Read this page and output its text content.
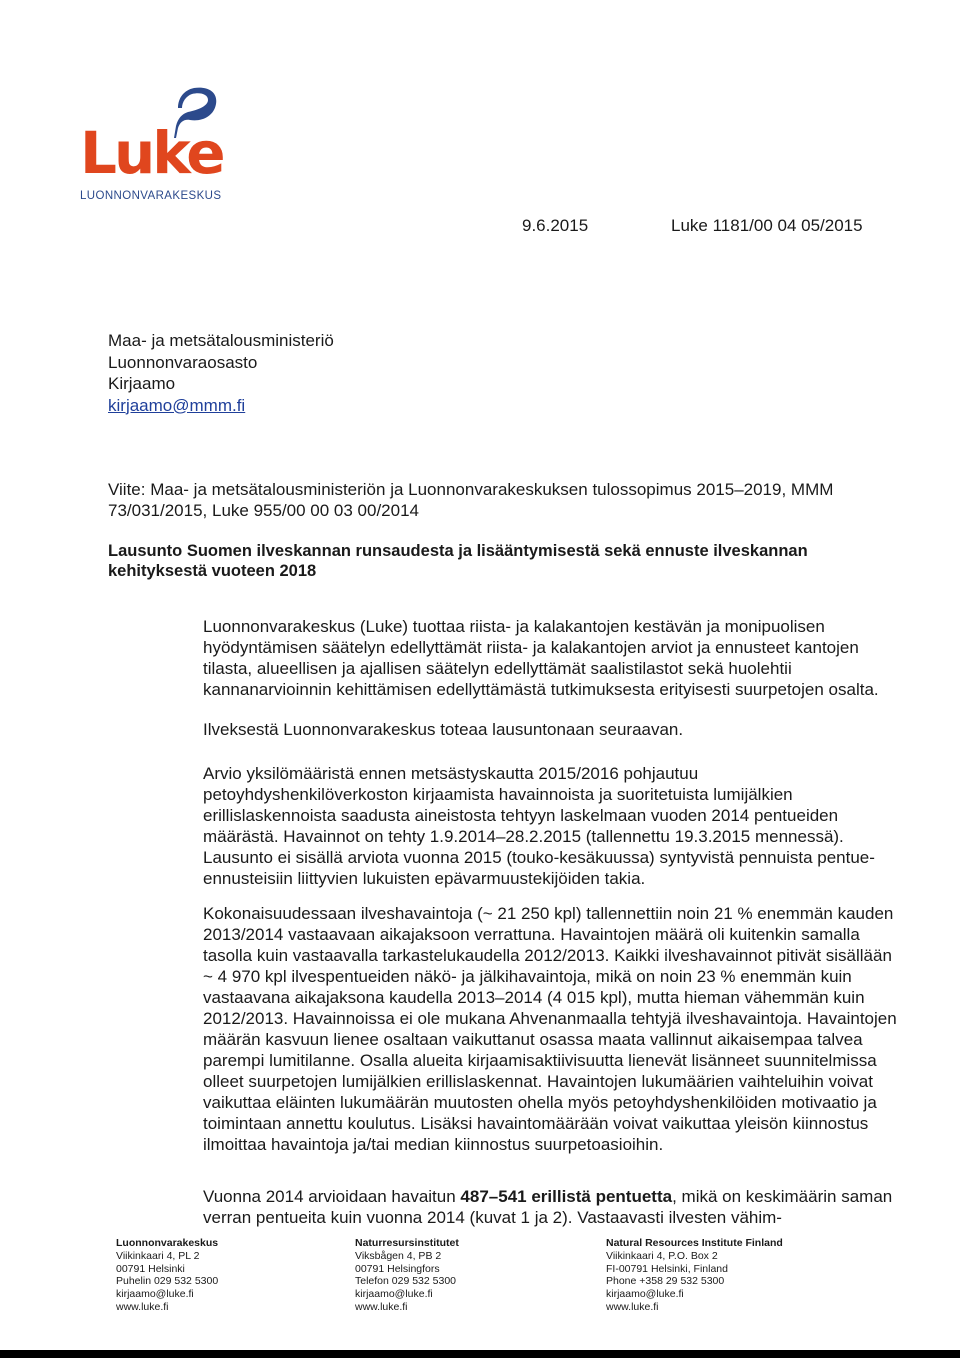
Luke
LUONNONVARAKESKUS
9.6.2015	Luke 1181/00 04 05/2015
Maa- ja metsätalousministeriö
Luonnonvaraosasto
Kirjaamo
kirjaamo@mmm.fi
Viite: Maa- ja metsätalousministeriön ja Luonnonvarakeskuksen tulossopimus 2015–2019, MMM 73/031/2015, Luke 955/00 00 03 00/2014
Lausunto Suomen ilveskannan runsaudesta ja lisääntymisestä sekä ennuste ilveskannan kehityksestä vuoteen 2018
Luonnonvarakeskus (Luke) tuottaa riista- ja kalakantojen kestävän ja monipuolisen hyödyntämisen säätelyn edellyttämät riista- ja kalakantojen arviot ja ennusteet kantojen tilasta, alueellisen ja ajallisen säätelyn edellyttämät saalistilastot sekä huolehtii kannanarvioinnin kehittämisen edellyttämästä tutkimuksesta erityisesti suurpetojen osalta.
Ilveksestä Luonnonvarakeskus toteaa lausuntonaan seuraavan.
Arvio yksilömääristä ennen metsästyskautta 2015/2016 pohjautuu petoyhdyshenkilöverkoston kirjaamista havainnoista ja suoritetuista lumijälkien erillislaskennoista saadusta aineistosta tehtyyn laskelmaan vuoden 2014 pentueiden määrästä. Havainnot on tehty 1.9.2014–28.2.2015 (tallennettu 19.3.2015 mennessä). Lausunto ei sisällä arviota vuonna 2015 (touko-kesäkuussa) syntyvistä pennuista pentue-ennusteisiin liittyvien lukuisten epävarmuustekijöiden takia.
Kokonaisuudessaan ilveshavaintoja (~ 21 250 kpl) tallennettiin noin 21 % enemmän kauden 2013/2014 vastaavaan aikajaksoon verrattuna. Havaintojen määrä oli kuitenkin samalla tasolla kuin vastaavalla tarkastelukaudella 2012/2013. Kaikki ilveshavainnot pitivät sisällään ~ 4 970 kpl ilvespentueiden näkö- ja jälkihavaintoja, mikä on noin 23 % enemmän kuin vastaavana aikajaksona kaudella 2013–2014 (4 015 kpl), mutta hieman vähemmän kuin 2012/2013. Havainnoissa ei ole mukana Ahvenanmaalla tehtyjä ilveshavaintoja. Havaintojen määrän kasvuun lienee osaltaan vaikuttanut osassa maata vallinnut aikaisempaa talvea parempi lumitilanne. Osalla alueita kirjaamisaktiivisuutta lienevät lisänneet suunnitelmissa olleet suurpetojen lumijälkien erillislaskennat. Havaintojen lukumäärien vaihteluihin voivat vaikuttaa eläinten lukumäärän muutosten ohella myös petoyhdyshenkilöiden motivaatio ja toimintaan annettu koulutus. Lisäksi havaintomäärään voivat vaikuttaa yleisön kiinnostus ilmoittaa havaintoja ja/tai median kiinnostus suurpetoasioihin.
Vuonna 2014 arvioidaan havaitun 487–541 erillistä pentuetta, mikä on keskimäärin saman verran pentueita kuin vuonna 2014 (kuvat 1 ja 2). Vastaavasti ilvesten vähim-
Luonnonvarakeskus
Viikinkaari 4, PL 2
00791 Helsinki
Puhelin 029 532 5300
kirjaamo@luke.fi
www.luke.fi
Naturresursinstitutet
Viksbågen 4, PB 2
00791 Helsingfors
Telefon 029 532 5300
kirjaamo@luke.fi
www.luke.fi
Natural Resources Institute Finland
Viikinkaari 4, P.O. Box 2
FI-00791 Helsinki, Finland
Phone +358 29 532 5300
kirjaamo@luke.fi
www.luke.fi
